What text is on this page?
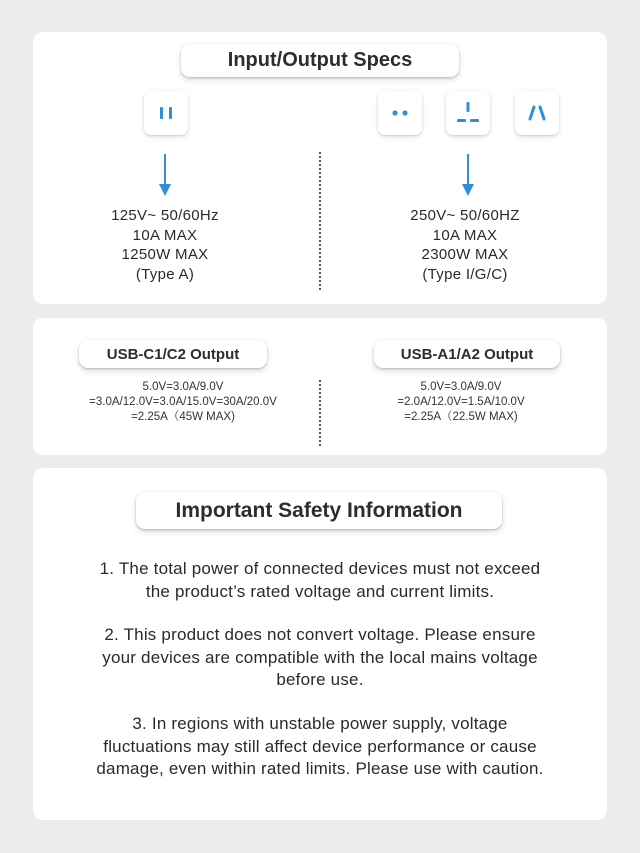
Input/Output Specs
125V~ 50/60Hz
10A MAX
1250W MAX
(Type A)
250V~ 50/60HZ
10A MAX
2300W MAX
(Type I/G/C)
USB-C1/C2 Output
5.0V=3.0A/9.0V
=3.0A/12.0V=3.0A/15.0V=30A/20.0V
=2.25A（45W MAX)
USB-A1/A2 Output
5.0V=3.0A/9.0V
=2.0A/12.0V=1.5A/10.0V
=2.25A（22.5W MAX)
Important Safety Information
1. The total power of connected devices must not exceed
the product’s rated voltage and current limits.
2. This product does not convert voltage. Please ensure
your devices are compatible with the local mains voltage
before use.
3. In regions with unstable power supply, voltage
fluctuations may still affect device performance or cause
damage, even within rated limits. Please use with caution.
